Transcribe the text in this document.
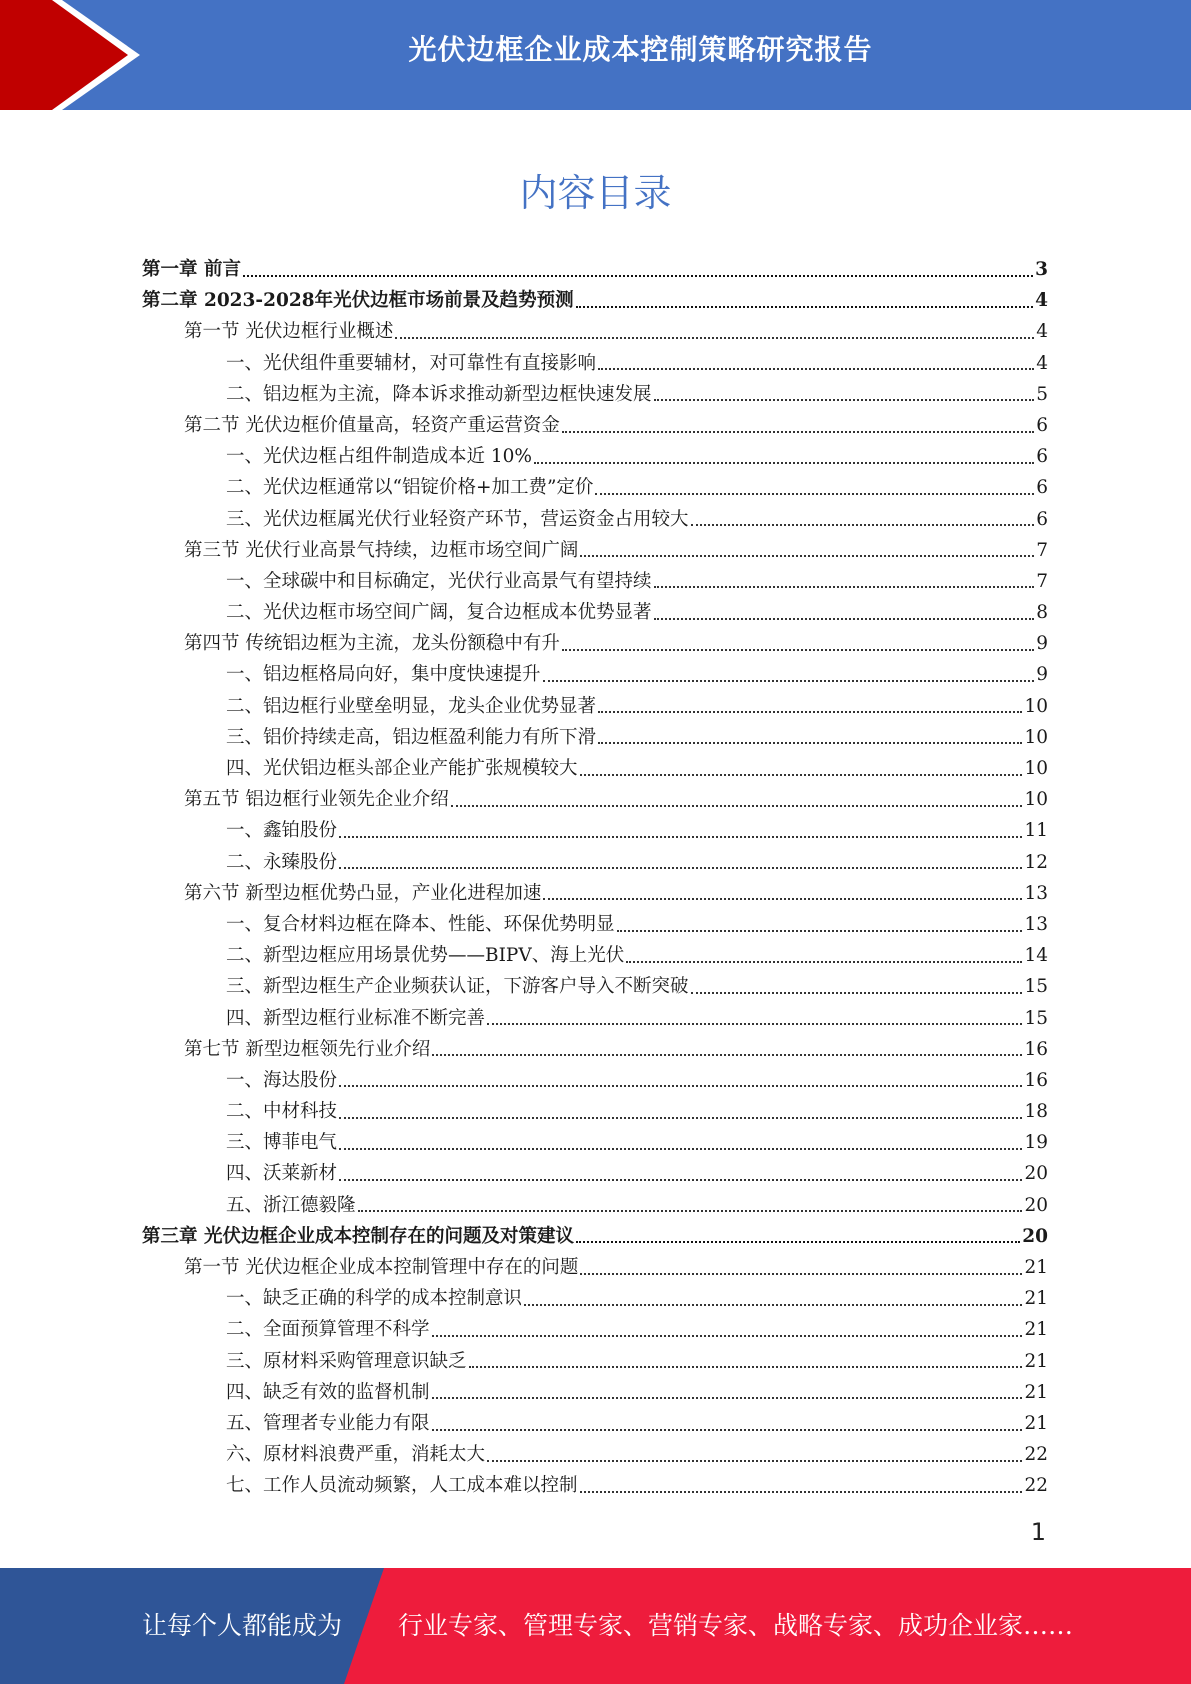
光伏边框企业成本控制策略研究报告
内容目录
第一章 前言	3
第二章 2023-2028年光伏边框市场前景及趋势预测	4
第一节 光伏边框行业概述	4
一、光伏组件重要辅材，对可靠性有直接影响	4
二、铝边框为主流，降本诉求推动新型边框快速发展	5
第二节 光伏边框价值量高，轻资产重运营资金	6
一、光伏边框占组件制造成本近 10%	6
二、光伏边框通常以“铝锭价格+加工费”定价	6
三、光伏边框属光伏行业轻资产环节，营运资金占用较大	6
第三节 光伏行业高景气持续，边框市场空间广阔	7
一、全球碳中和目标确定，光伏行业高景气有望持续	7
二、光伏边框市场空间广阔，复合边框成本优势显著	8
第四节 传统铝边框为主流，龙头份额稳中有升	9
一、铝边框格局向好，集中度快速提升	9
二、铝边框行业壁垒明显，龙头企业优势显著	10
三、铝价持续走高，铝边框盈利能力有所下滑	10
四、光伏铝边框头部企业产能扩张规模较大	10
第五节 铝边框行业领先企业介绍	10
一、鑫铂股份	11
二、永臻股份	12
第六节 新型边框优势凸显，产业化进程加速	13
一、复合材料边框在降本、性能、环保优势明显	13
二、新型边框应用场景优势——BIPV、海上光伏	14
三、新型边框生产企业频获认证，下游客户导入不断突破	15
四、新型边框行业标准不断完善	15
第七节 新型边框领先行业介绍	16
一、海达股份	16
二、中材科技	18
三、博菲电气	19
四、沃莱新材	20
五、浙江德毅隆	20
第三章 光伏边框企业成本控制存在的问题及对策建议	20
第一节 光伏边框企业成本控制管理中存在的问题	21
一、缺乏正确的科学的成本控制意识	21
二、全面预算管理不科学	21
三、原材料采购管理意识缺乏	21
四、缺乏有效的监督机制	21
五、管理者专业能力有限	21
六、原材料浪费严重，消耗太大	22
七、工作人员流动频繁，人工成本难以控制	22
1
让每个人都能成为 行业专家、管理专家、营销专家、战略专家、成功企业家……
